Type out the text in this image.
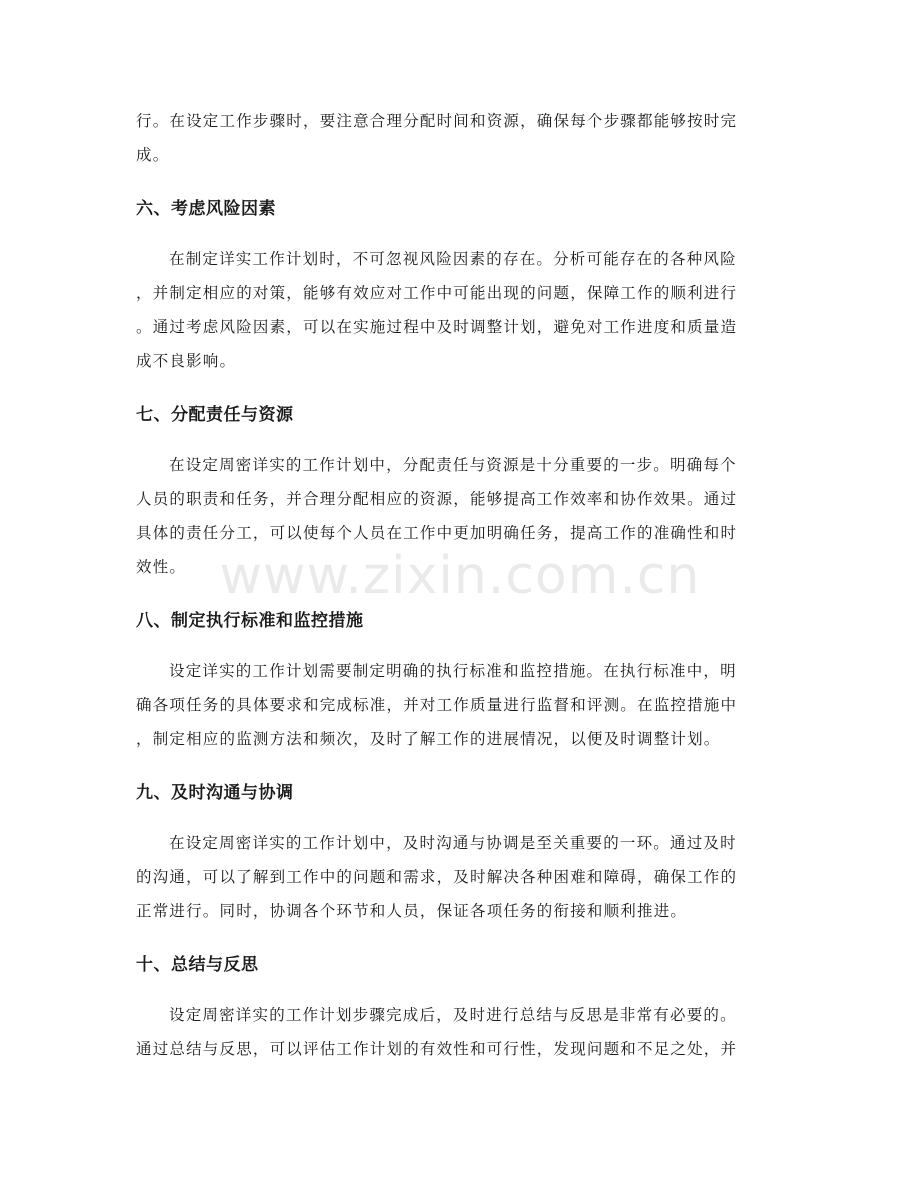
行。在设定工作步骤时，要注意合理分配时间和资源，确保每个步骤都能够按时完

成。

六、考虑风险因素

在制定详实工作计划时，不可忽视风险因素的存在。分析可能存在的各种风险

，并制定相应的对策，能够有效应对工作中可能出现的问题，保障工作的顺利进行

。通过考虑风险因素，可以在实施过程中及时调整计划，避免对工作进度和质量造

成不良影响。

七、分配责任与资源

在设定周密详实的工作计划中，分配责任与资源是十分重要的一步。明确每个

人员的职责和任务，并合理分配相应的资源，能够提高工作效率和协作效果。通过

具体的责任分工，可以使每个人员在工作中更加明确任务，提高工作的准确性和时

效性。

八、制定执行标准和监控措施

设定详实的工作计划需要制定明确的执行标准和监控措施。在执行标准中，明

确各项任务的具体要求和完成标准，并对工作质量进行监督和评测。在监控措施中

，制定相应的监测方法和频次，及时了解工作的进展情况，以便及时调整计划。

九、及时沟通与协调

在设定周密详实的工作计划中，及时沟通与协调是至关重要的一环。通过及时

的沟通，可以了解到工作中的问题和需求，及时解决各种困难和障碍，确保工作的

正常进行。同时，协调各个环节和人员，保证各项任务的衔接和顺利推进。

十、总结与反思

设定周密详实的工作计划步骤完成后，及时进行总结与反思是非常有必要的。

通过总结与反思，可以评估工作计划的有效性和可行性，发现问题和不足之处，并

www.zixin.com.cn
